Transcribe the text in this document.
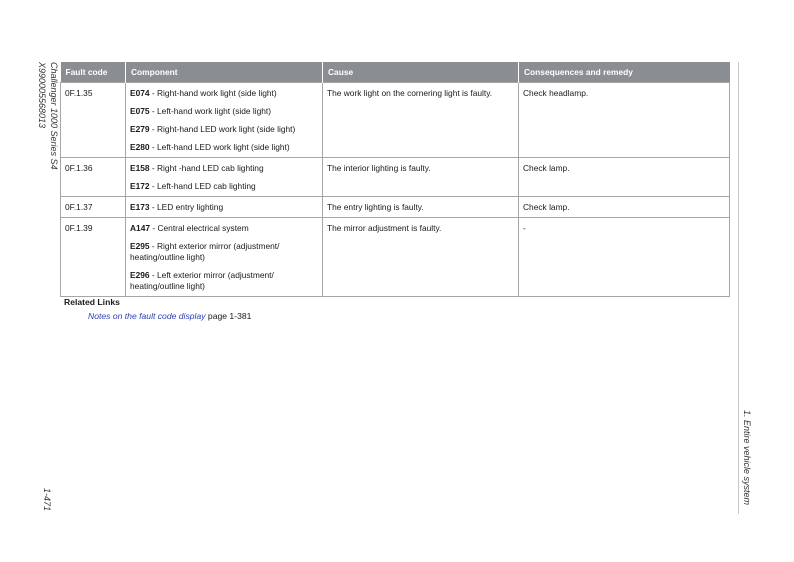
Challenger 1000 Series S4
X990005568013
1-471	1. Entire vehicle system
Fault code	Component	Cause	Consequences and remedy
0F.1.35	E074 - Right-hand work light (side light)
E075 - Left-hand work light (side light)
E279 - Right-hand LED work light (side light)
E280 - Left-hand LED work light (side light)	The work light on the cornering light is faulty.	Check headlamp.
0F.1.36	E158 - Right -hand LED cab lighting
E172 - Left-hand LED cab lighting	The interior lighting is faulty.	Check lamp.
0F.1.37	E173 - LED entry lighting	The entry lighting is faulty.	Check lamp.
0F.1.39	A147 - Central electrical system
E295 - Right exterior mirror (adjustment/ heating/outline light)
E296 - Left exterior mirror (adjustment/ heating/outline light)	The mirror adjustment is faulty.	-
Related Links
Notes on the fault code display page 1-381
